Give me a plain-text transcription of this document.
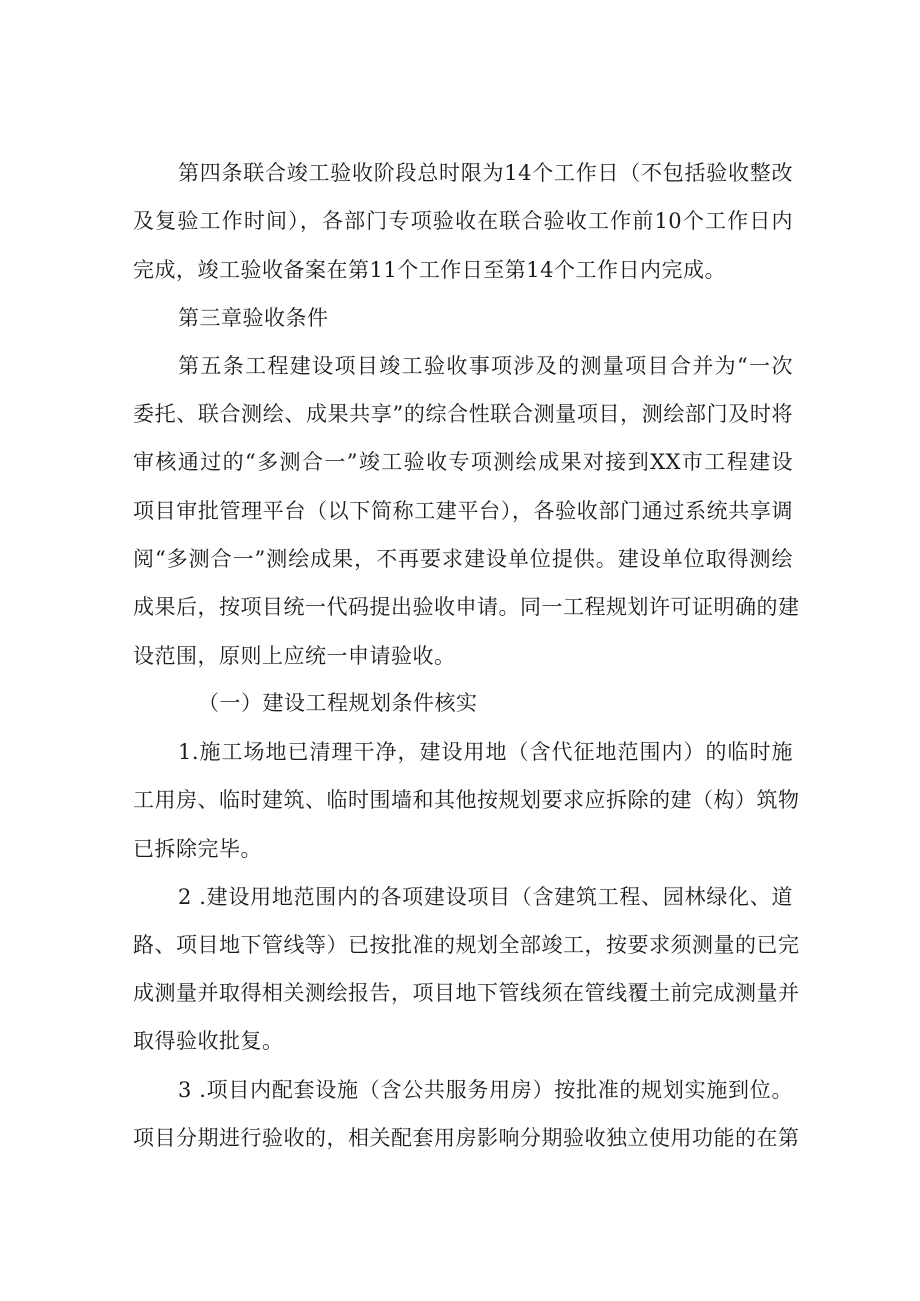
第四条联合竣工验收阶段总时限为14个工作日（不包括验收整改
及复验工作时间），各部门专项验收在联合验收工作前10个工作日内
完成，竣工验收备案在第11个工作日至第14个工作日内完成。
第三章验收条件
第五条工程建设项目竣工验收事项涉及的测量项目合并为“一次
委托、联合测绘、成果共享”的综合性联合测量项目，测绘部门及时将
审核通过的“多测合一”竣工验收专项测绘成果对接到XX市工程建设
项目审批管理平台（以下简称工建平台），各验收部门通过系统共享调
阅“多测合一”测绘成果，不再要求建设单位提供。建设单位取得测绘
成果后，按项目统一代码提出验收申请。同一工程规划许可证明确的建
设范围，原则上应统一申请验收。
（一）建设工程规划条件核实
1.施工场地已清理干净，建设用地（含代征地范围内）的临时施
工用房、临时建筑、临时围墙和其他按规划要求应拆除的建（构）筑物
已拆除完毕。
2 .建设用地范围内的各项建设项目（含建筑工程、园林绿化、道
路、项目地下管线等）已按批准的规划全部竣工，按要求须测量的已完
成测量并取得相关测绘报告，项目地下管线须在管线覆土前完成测量并
取得验收批复。
3 .项目内配套设施（含公共服务用房）按批准的规划实施到位。
项目分期进行验收的，相关配套用房影响分期验收独立使用功能的在第
